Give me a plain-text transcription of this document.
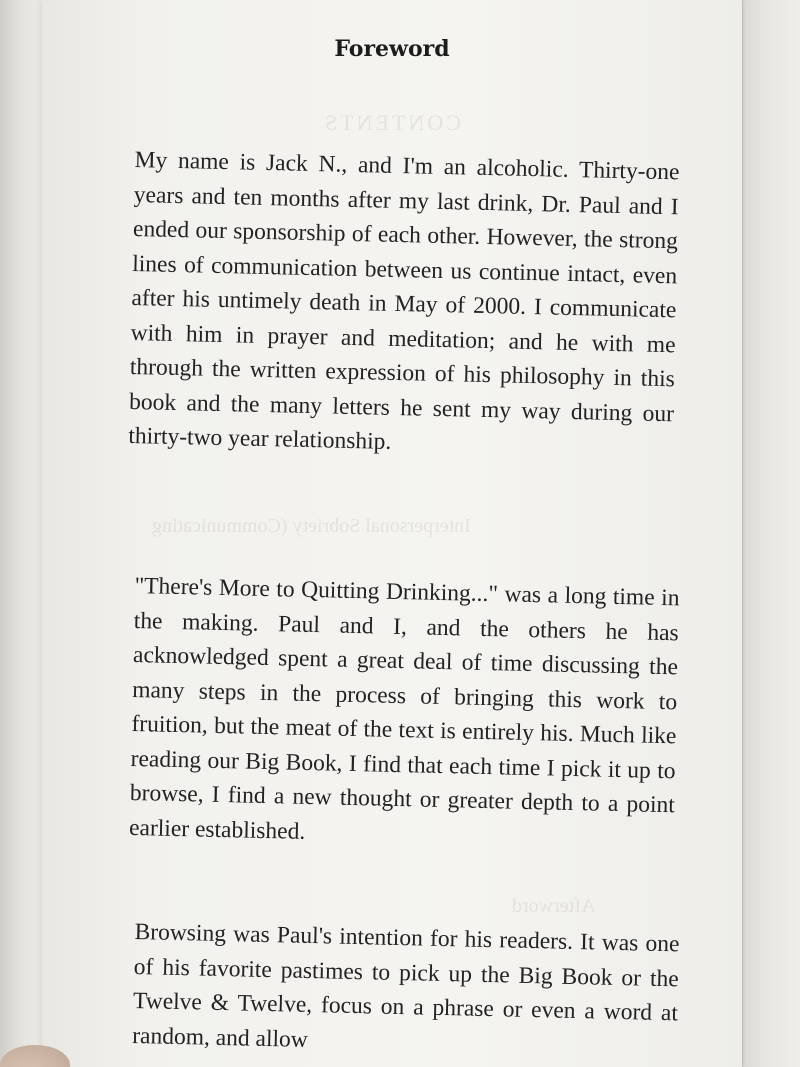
CONTENTS
Interpersonal Sobriety (Communicating
Afterword
Foreword

My name is Jack N., and I'm an alcoholic. Thirty-one years and ten months after my last drink, Dr. Paul and I ended our sponsorship of each other. However, the strong lines of communication between us continue intact, even after his untimely death in May of 2000. I communicate with him in prayer and meditation; and he with me through the written expression of his philosophy in this book and the many letters he sent my way during our thirty-two year relationship.

"There's More to Quitting Drinking..." was a long time in the making. Paul and I, and the others he has acknowledged spent a great deal of time discussing the many steps in the process of bringing this work to fruition, but the meat of the text is entirely his. Much like reading our Big Book, I find that each time I pick it up to browse, I find a new thought or greater depth to a point earlier established.

Browsing was Paul's intention for his readers. It was one of his favorite pastimes to pick up the Big Book or the Twelve & Twelve, focus on a phrase or even a word at random, and allow
